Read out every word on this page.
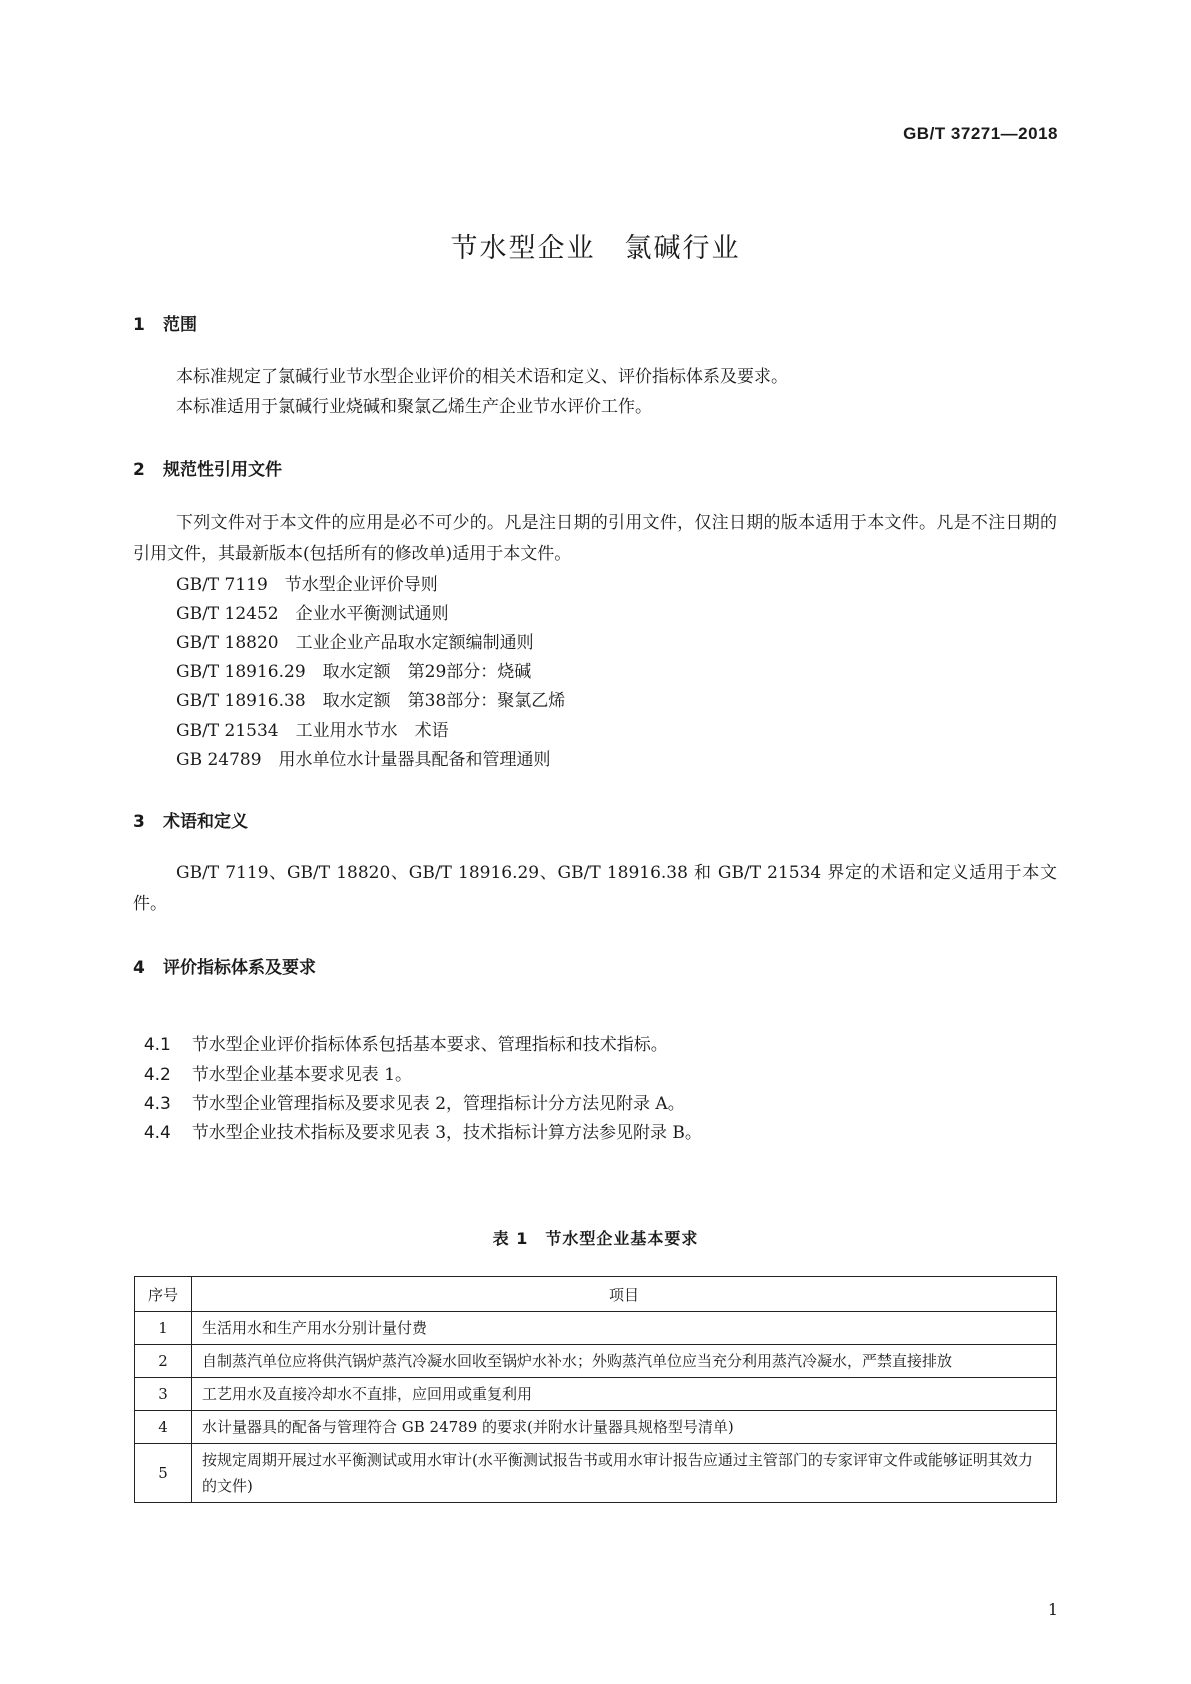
GB/T 37271—2018
节水型企业　氯碱行业
1 范围
本标准规定了氯碱行业节水型企业评价的相关术语和定义、评价指标体系及要求。
本标准适用于氯碱行业烧碱和聚氯乙烯生产企业节水评价工作。
2 规范性引用文件
下列文件对于本文件的应用是必不可少的。凡是注日期的引用文件，仅注日期的版本适用于本文件。凡是不注日期的引用文件，其最新版本(包括所有的修改单)适用于本文件。
GB/T 7119　节水型企业评价导则
GB/T 12452　企业水平衡测试通则
GB/T 18820　工业企业产品取水定额编制通则
GB/T 18916.29　取水定额　第29部分：烧碱
GB/T 18916.38　取水定额　第38部分：聚氯乙烯
GB/T 21534　工业用水节水　术语
GB 24789　用水单位水计量器具配备和管理通则
3 术语和定义
GB/T 7119、GB/T 18820、GB/T 18916.29、GB/T 18916.38 和 GB/T 21534 界定的术语和定义适用于本文件。
4 评价指标体系及要求

4.1 节水型企业评价指标体系包括基本要求、管理指标和技术指标。

4.2 节水型企业基本要求见表 1。

4.3 节水型企业管理指标及要求见表 2，管理指标计分方法见附录 A。

4.4 节水型企业技术指标及要求见表 3，技术指标计算方法参见附录 B。

表 1　节水型企业基本要求
序号	项目
1	生活用水和生产用水分别计量付费
2	自制蒸汽单位应将供汽锅炉蒸汽冷凝水回收至锅炉水补水；外购蒸汽单位应当充分利用蒸汽冷凝水，严禁直接排放
3	工艺用水及直接冷却水不直排，应回用或重复利用
4	水计量器具的配备与管理符合 GB 24789 的要求(并附水计量器具规格型号清单)
5	按规定周期开展过水平衡测试或用水审计(水平衡测试报告书或用水审计报告应通过主管部门的专家评审文件或能够证明其效力的文件)
1
